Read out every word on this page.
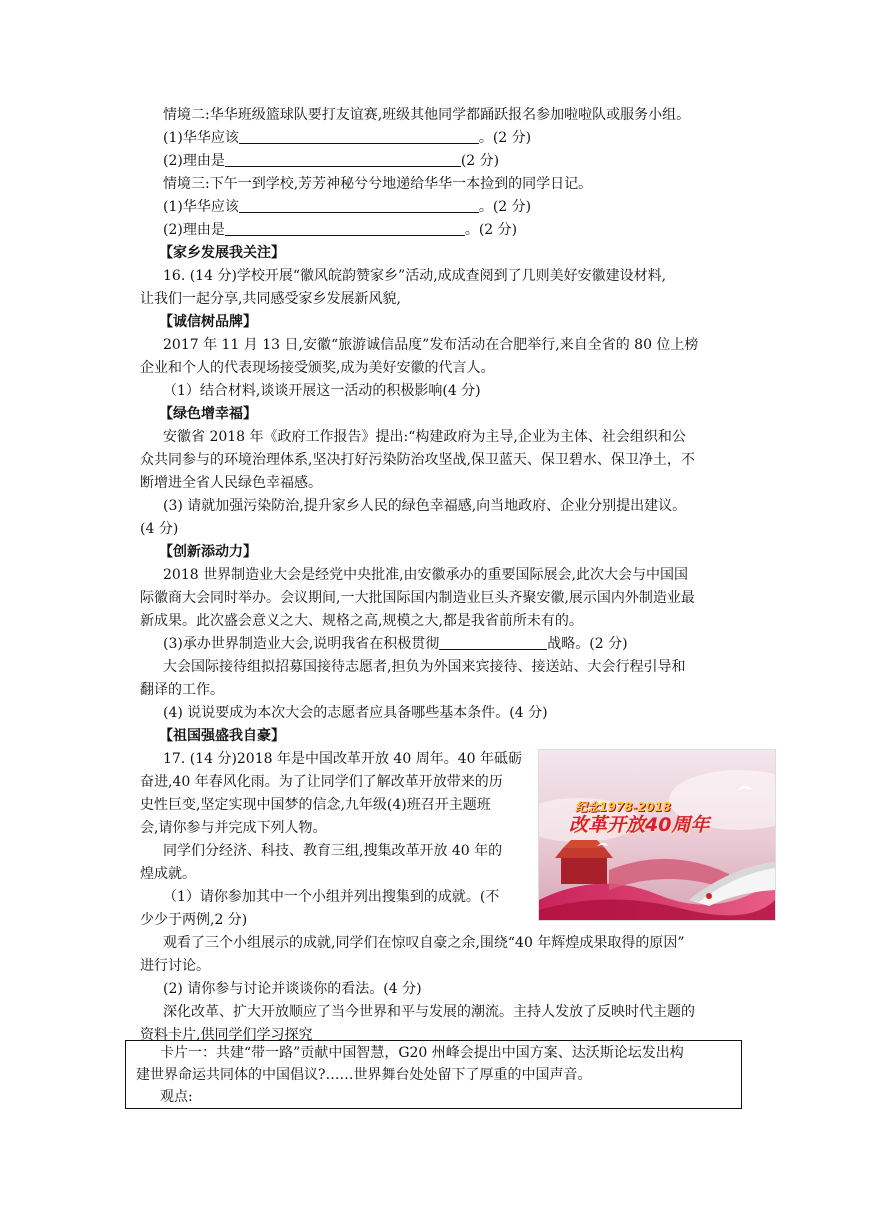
情境二:华华班级篮球队要打友谊赛,班级其他同学都踊跃报名参加啦啦队或服务小组。
(1)华华应该	。(2 分)
(2)理由是	(2 分)
情境三:下午一到学校,芳芳神秘兮兮地递给华华一本捡到的同学日记。
(1)华华应该	。(2 分)
(2)理由是	。(2 分)
【家乡发展我关注】
16. (14 分)学校开展“徽风皖韵赞家乡”活动,成成查阅到了几则美好安徽建设材料,
让我们一起分享,共同感受家乡发展新风貌,
【诚信树品牌】
2017 年 11 月 13 日,安徽“旅游诚信品度”发布活动在合肥举行,来自全省的 80 位上榜
企业和个人的代表现场接受颁奖,成为美好安徽的代言人。
（1）结合材料,谈谈开展这一活动的积极影响(4 分)
【绿色增幸福】
安徽省 2018 年《政府工作报告》提出:“构建政府为主导,企业为主体、社会组织和公
众共同参与的环境治理体系,坚决打好污染防治攻坚战,保卫蓝天、保卫碧水、保卫净土，不
断增进全省人民绿色幸福感。
(3) 请就加强污染防治,提升家乡人民的绿色幸福感,向当地政府、企业分别提出建议。
(4 分)
【创新添动力】
2018 世界制造业大会是经党中央批准,由安徽承办的重要国际展会,此次大会与中国国
际徽商大会同时举办。会议期间,一大批国际国内制造业巨头齐聚安徽,展示国内外制造业最
新成果。此次盛会意义之大、规格之高,规模之大,都是我省前所未有的。
(3)承办世界制造业大会,说明我省在积极贯彻	战略。(2 分)
大会国际接待组拟招募国接待志愿者,担负为外国来宾接待、接送站、大会行程引导和
翻译的工作。
(4) 说说要成为本次大会的志愿者应具备哪些基本条件。(4 分)
【祖国强盛我自豪】
17. (14 分)2018 年是中国改革开放 40 周年。40 年砥砺
奋进,40 年春风化雨。为了让同学们了解改革开放带来的历
史性巨变,坚定实现中国梦的信念,九年级(4)班召开主题班
会,请你参与并完成下列人物。
同学们分经济、科技、教育三组,搜集改革开放 40 年的
煌成就。
（1）请你参加其中一个小组并列出搜集到的成就。(不
少少于两例,2 分)
纪念1978-2018
改革开放40周年
观看了三个小组展示的成就,同学们在惊叹自豪之余,围绕“40 年辉煌成果取得的原因”
进行讨论。
(2) 请你参与讨论并谈谈你的看法。(4 分)
深化改革、扩大开放顺应了当今世界和平与发展的潮流。主持人发放了反映时代主题的
资料卡片,供同学们学习探究
卡片一：共建“带一路”贡献中国智慧，G20 州峰会提出中国方案、达沃斯论坛发出构
建世界命运共同体的中国倡议?……世界舞台处处留下了厚重的中国声音。
观点:
